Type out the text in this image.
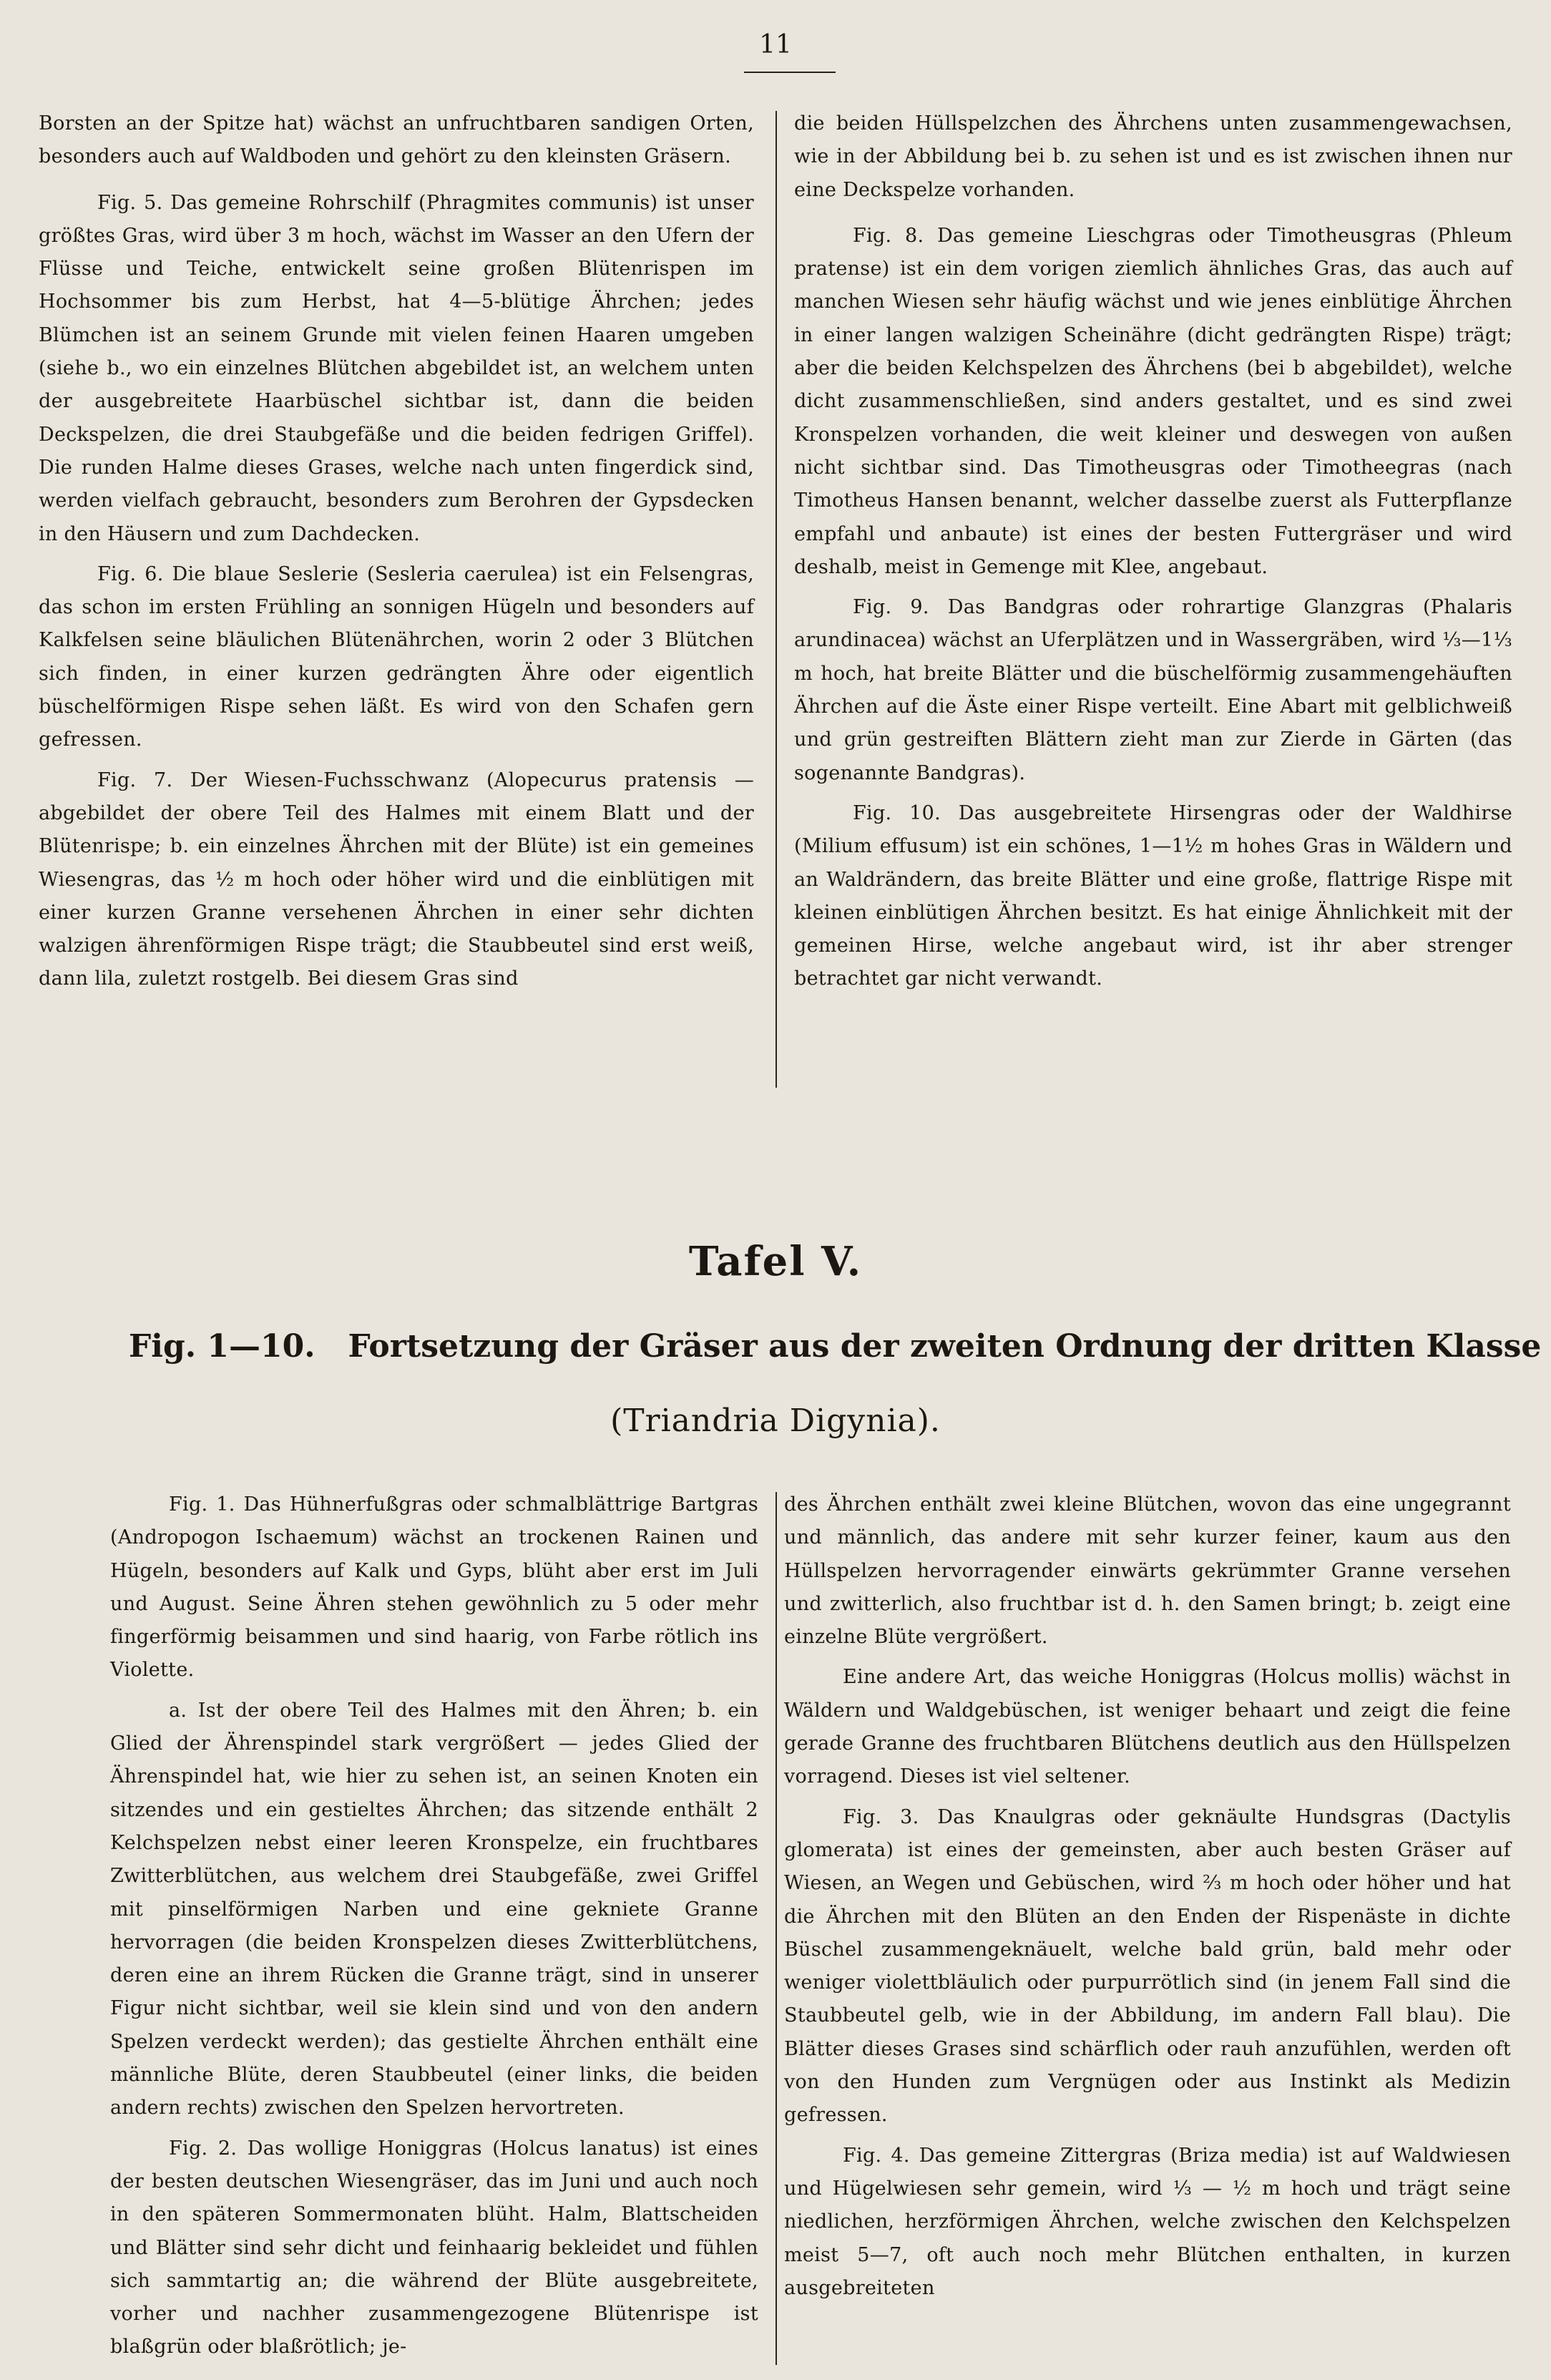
11

Borsten an der Spitze hat) wächst an unfruchtbaren sandigen Orten, besonders auch auf Waldboden und gehört zu den kleinsten Gräsern.

Fig. 5. Das gemeine Rohrschilf (Phragmites communis) ist unser größtes Gras, wird über 3 m hoch, wächst im Wasser an den Ufern der Flüsse und Teiche, entwickelt seine großen Blütenrispen im Hochsommer bis zum Herbst, hat 4—5-blütige Ährchen; jedes Blümchen ist an seinem Grunde mit vielen feinen Haaren umgeben (siehe b., wo ein einzelnes Blütchen abgebildet ist, an welchem unten der ausgebreitete Haarbüschel sichtbar ist, dann die beiden Deckspelzen, die drei Staubgefäße und die beiden fedrigen Griffel). Die runden Halme dieses Grases, welche nach unten fingerdick sind, werden vielfach gebraucht, besonders zum Berohren der Gypsdecken in den Häusern und zum Dachdecken.

Fig. 6. Die blaue Seslerie (Sesleria caerulea) ist ein Felsengras, das schon im ersten Frühling an sonnigen Hügeln und besonders auf Kalkfelsen seine bläulichen Blütenährchen, worin 2 oder 3 Blütchen sich finden, in einer kurzen gedrängten Ähre oder eigentlich büschelförmigen Rispe sehen läßt. Es wird von den Schafen gern gefressen.

Fig. 7. Der Wiesen-Fuchsschwanz (Alopecurus pratensis — abgebildet der obere Teil des Halmes mit einem Blatt und der Blütenrispe; b. ein einzelnes Ährchen mit der Blüte) ist ein gemeines Wiesengras, das ½ m hoch oder höher wird und die einblütigen mit einer kurzen Granne versehenen Ährchen in einer sehr dichten walzigen ährenförmigen Rispe trägt; die Staubbeutel sind erst weiß, dann lila, zuletzt rostgelb. Bei diesem Gras sind

die beiden Hüllspelzchen des Ährchens unten zusammengewachsen, wie in der Abbildung bei b. zu sehen ist und es ist zwischen ihnen nur eine Deckspelze vorhanden.

Fig. 8. Das gemeine Lieschgras oder Timotheusgras (Phleum pratense) ist ein dem vorigen ziemlich ähnliches Gras, das auch auf manchen Wiesen sehr häufig wächst und wie jenes einblütige Ährchen in einer langen walzigen Scheinähre (dicht gedrängten Rispe) trägt; aber die beiden Kelchspelzen des Ährchens (bei b abgebildet), welche dicht zusammenschließen, sind anders gestaltet, und es sind zwei Kronspelzen vorhanden, die weit kleiner und deswegen von außen nicht sichtbar sind. Das Timotheusgras oder Timotheegras (nach Timotheus Hansen benannt, welcher dasselbe zuerst als Futterpflanze empfahl und anbaute) ist eines der besten Futtergräser und wird deshalb, meist in Gemenge mit Klee, angebaut.

Fig. 9. Das Bandgras oder rohrartige Glanzgras (Phalaris arundinacea) wächst an Uferplätzen und in Wassergräben, wird ⅓—1⅓ m hoch, hat breite Blätter und die büschelförmig zusammengehäuften Ährchen auf die Äste einer Rispe verteilt. Eine Abart mit gelblichweiß und grün gestreiften Blättern zieht man zur Zierde in Gärten (das sogenannte Bandgras).

Fig. 10. Das ausgebreitete Hirsengras oder der Waldhirse (Milium effusum) ist ein schönes, 1—1½ m hohes Gras in Wäldern und an Waldrändern, das breite Blätter und eine große, flattrige Rispe mit kleinen einblütigen Ährchen besitzt. Es hat einige Ähnlichkeit mit der gemeinen Hirse, welche angebaut wird, ist ihr aber strenger betrachtet gar nicht verwandt.

Tafel V.
Fig. 1—10. Fortsetzung der Gräser aus der zweiten Ordnung der dritten Klasse
(Triandria Digynia).

Fig. 1. Das Hühnerfußgras oder schmalblättrige Bartgras (Andropogon Ischaemum) wächst an trockenen Rainen und Hügeln, besonders auf Kalk und Gyps, blüht aber erst im Juli und August. Seine Ähren stehen gewöhnlich zu 5 oder mehr fingerförmig beisammen und sind haarig, von Farbe rötlich ins Violette.

a. Ist der obere Teil des Halmes mit den Ähren; b. ein Glied der Ährenspindel stark vergrößert — jedes Glied der Ährenspindel hat, wie hier zu sehen ist, an seinen Knoten ein sitzendes und ein gestieltes Ährchen; das sitzende enthält 2 Kelchspelzen nebst einer leeren Kronspelze, ein fruchtbares Zwitterblütchen, aus welchem drei Staubgefäße, zwei Griffel mit pinselförmigen Narben und eine gekniete Granne hervorragen (die beiden Kronspelzen dieses Zwitterblütchens, deren eine an ihrem Rücken die Granne trägt, sind in unserer Figur nicht sichtbar, weil sie klein sind und von den andern Spelzen verdeckt werden); das gestielte Ährchen enthält eine männliche Blüte, deren Staubbeutel (einer links, die beiden andern rechts) zwischen den Spelzen hervortreten.

Fig. 2. Das wollige Honiggras (Holcus lanatus) ist eines der besten deutschen Wiesengräser, das im Juni und auch noch in den späteren Sommermonaten blüht. Halm, Blattscheiden und Blätter sind sehr dicht und feinhaarig bekleidet und fühlen sich sammtartig an; die während der Blüte ausgebreitete, vorher und nachher zusammengezogene Blütenrispe ist blaßgrün oder blaßrötlich; je-

des Ährchen enthält zwei kleine Blütchen, wovon das eine ungegrannt und männlich, das andere mit sehr kurzer feiner, kaum aus den Hüllspelzen hervorragender einwärts gekrümmter Granne versehen und zwitterlich, also fruchtbar ist d. h. den Samen bringt; b. zeigt eine einzelne Blüte vergrößert.

Eine andere Art, das weiche Honiggras (Holcus mollis) wächst in Wäldern und Waldgebüschen, ist weniger behaart und zeigt die feine gerade Granne des fruchtbaren Blütchens deutlich aus den Hüllspelzen vorragend. Dieses ist viel seltener.

Fig. 3. Das Knaulgras oder geknäulte Hundsgras (Dactylis glomerata) ist eines der gemeinsten, aber auch besten Gräser auf Wiesen, an Wegen und Gebüschen, wird ⅔ m hoch oder höher und hat die Ährchen mit den Blüten an den Enden der Rispenäste in dichte Büschel zusammengeknäuelt, welche bald grün, bald mehr oder weniger violettbläulich oder purpurrötlich sind (in jenem Fall sind die Staubbeutel gelb, wie in der Abbildung, im andern Fall blau). Die Blätter dieses Grases sind schärflich oder rauh anzufühlen, werden oft von den Hunden zum Vergnügen oder aus Instinkt als Medizin gefressen.

Fig. 4. Das gemeine Zittergras (Briza media) ist auf Waldwiesen und Hügelwiesen sehr gemein, wird ⅓ — ½ m hoch und trägt seine niedlichen, herzförmigen Ährchen, welche zwischen den Kelchspelzen meist 5—7, oft auch noch mehr Blütchen enthalten, in kurzen ausgebreiteten
